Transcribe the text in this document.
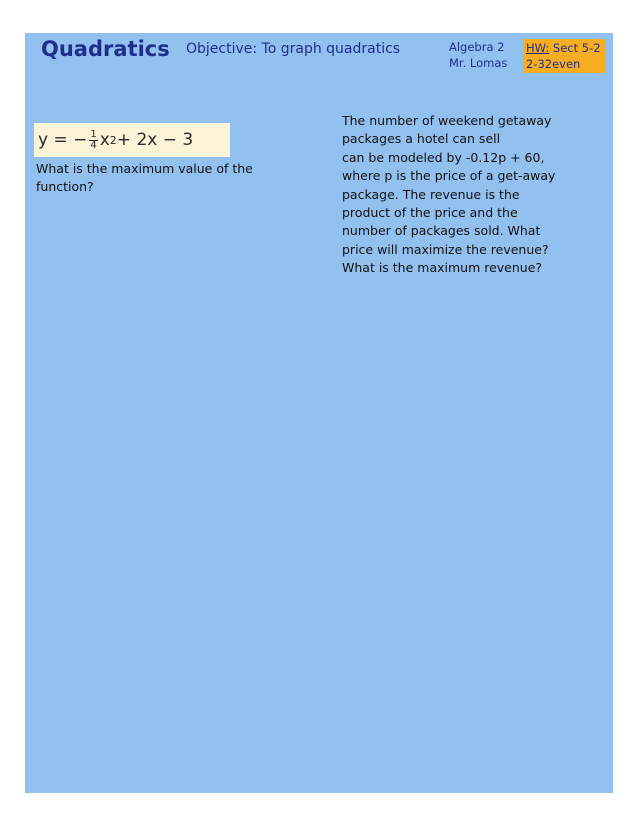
Quadratics Objective: To graph quadratics	Algebra 2
Mr. Lomas
HW: Sect 5-2
2-32even
y = − $\frac{1}{4}$ x 2 + 2x − 3
What is the maximum value of the function?
The number of weekend getaway
packages a hotel can sell
can be modeled by -0.12p + 60,
where p is the price of a get-away
package. The revenue is the
product of the price and the
number of packages sold. What
price will maximize the revenue?
What is the maximum revenue?
